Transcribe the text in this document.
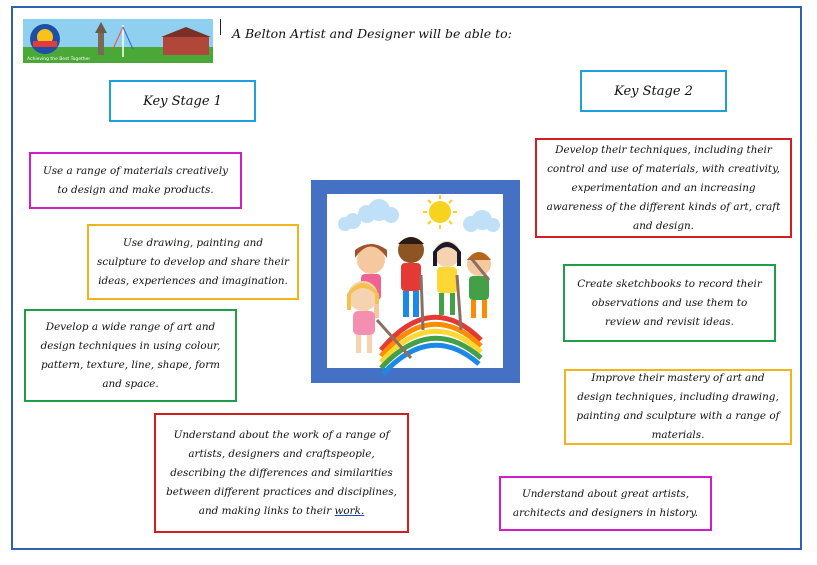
Achieving the Best Together
A Belton Artist and Designer will be able to:
Key Stage 1
Key Stage 2
Use a range of materials creatively to design and make products.
Use drawing, painting and sculpture to develop and share their ideas, experiences and imagination.
Develop a wide range of art and design techniques in using colour, pattern, texture, line, shape, form and space.
Understand about the work of a range of artists, designers and craftspeople, describing the differences and similarities between different practices and disciplines, and making links to their work.
Develop their techniques, including their control and use of materials, with creativity, experimentation and an increasing awareness of the different kinds of art, craft and design.
Create sketchbooks to record their observations and use them to review and revisit ideas.
Improve their mastery of art and design techniques, including drawing, painting and sculpture with a range of materials.
Understand about great artists, architects and designers in history.
